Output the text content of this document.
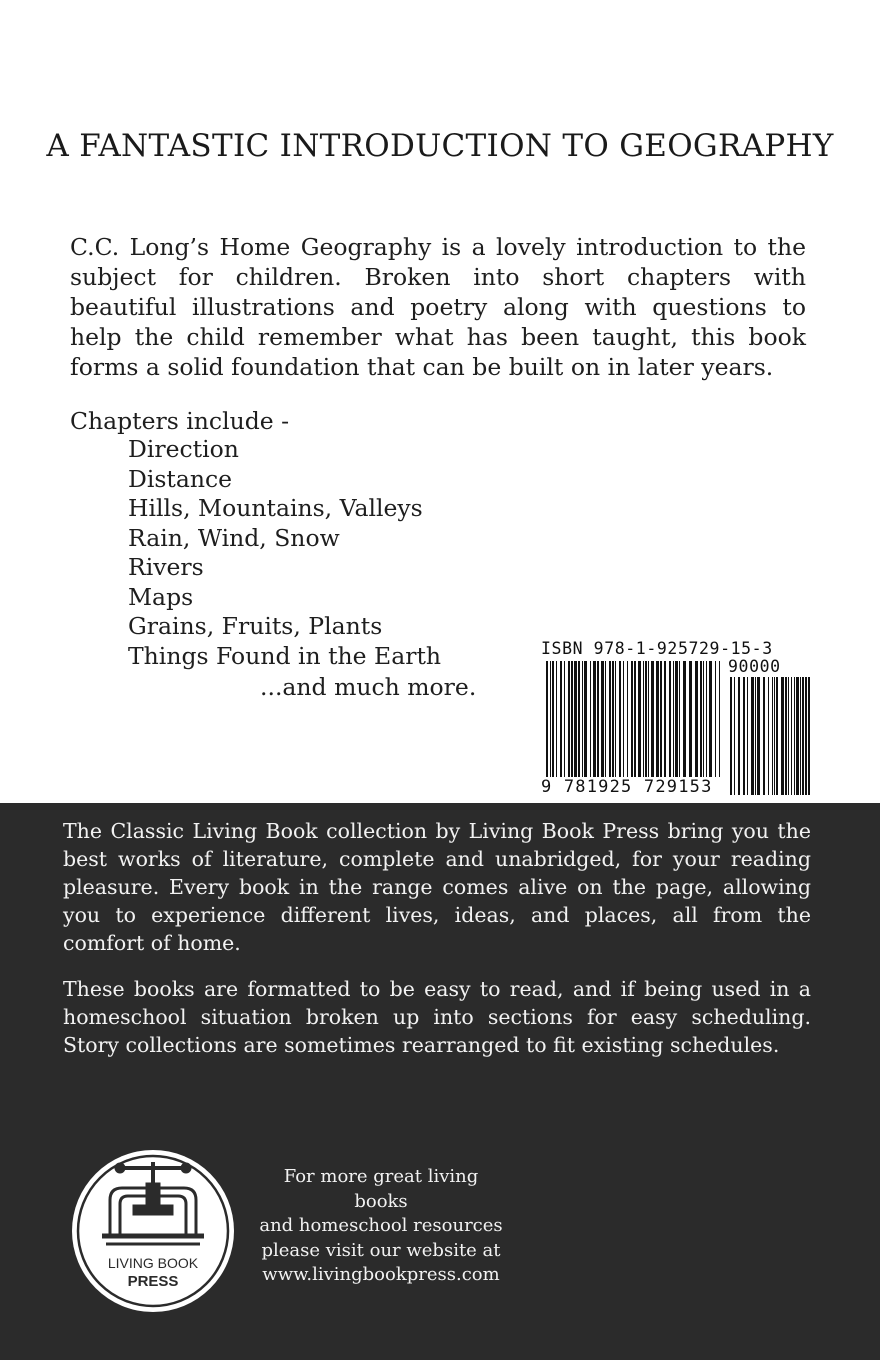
A FANTASTIC INTRODUCTION TO GEOGRAPHY
C.C. Long’s Home Geography is a lovely introduction to the subject for children. Broken into short chapters with beautiful illustrations and poetry along with questions to help the child remember what has been taught, this book forms a solid foundation that can be built on in later years.
Chapters include -
Direction
Distance
Hills, Mountains, Valleys
Rain, Wind, Snow
Rivers
Maps
Grains, Fruits, Plants
Things Found in the Earth
...and much more.
The Classic Living Book collection by Living Book Press bring you the best works of literature, complete and unabridged, for your reading pleasure. Every book in the range comes alive on the page, allowing you to experience different lives, ideas, and places, all from the comfort of home.
These books are formatted to be easy to read, and if being used in a homeschool situation broken up into sections for easy scheduling. Story collections are sometimes rearranged to fit existing schedules.
LIVING BOOK
PRESS
For more great living books
and homeschool resources
please visit our website at
www.livingbookpress.com
ISBN 978-1-925729-15-3
90000
9 781925 729153
